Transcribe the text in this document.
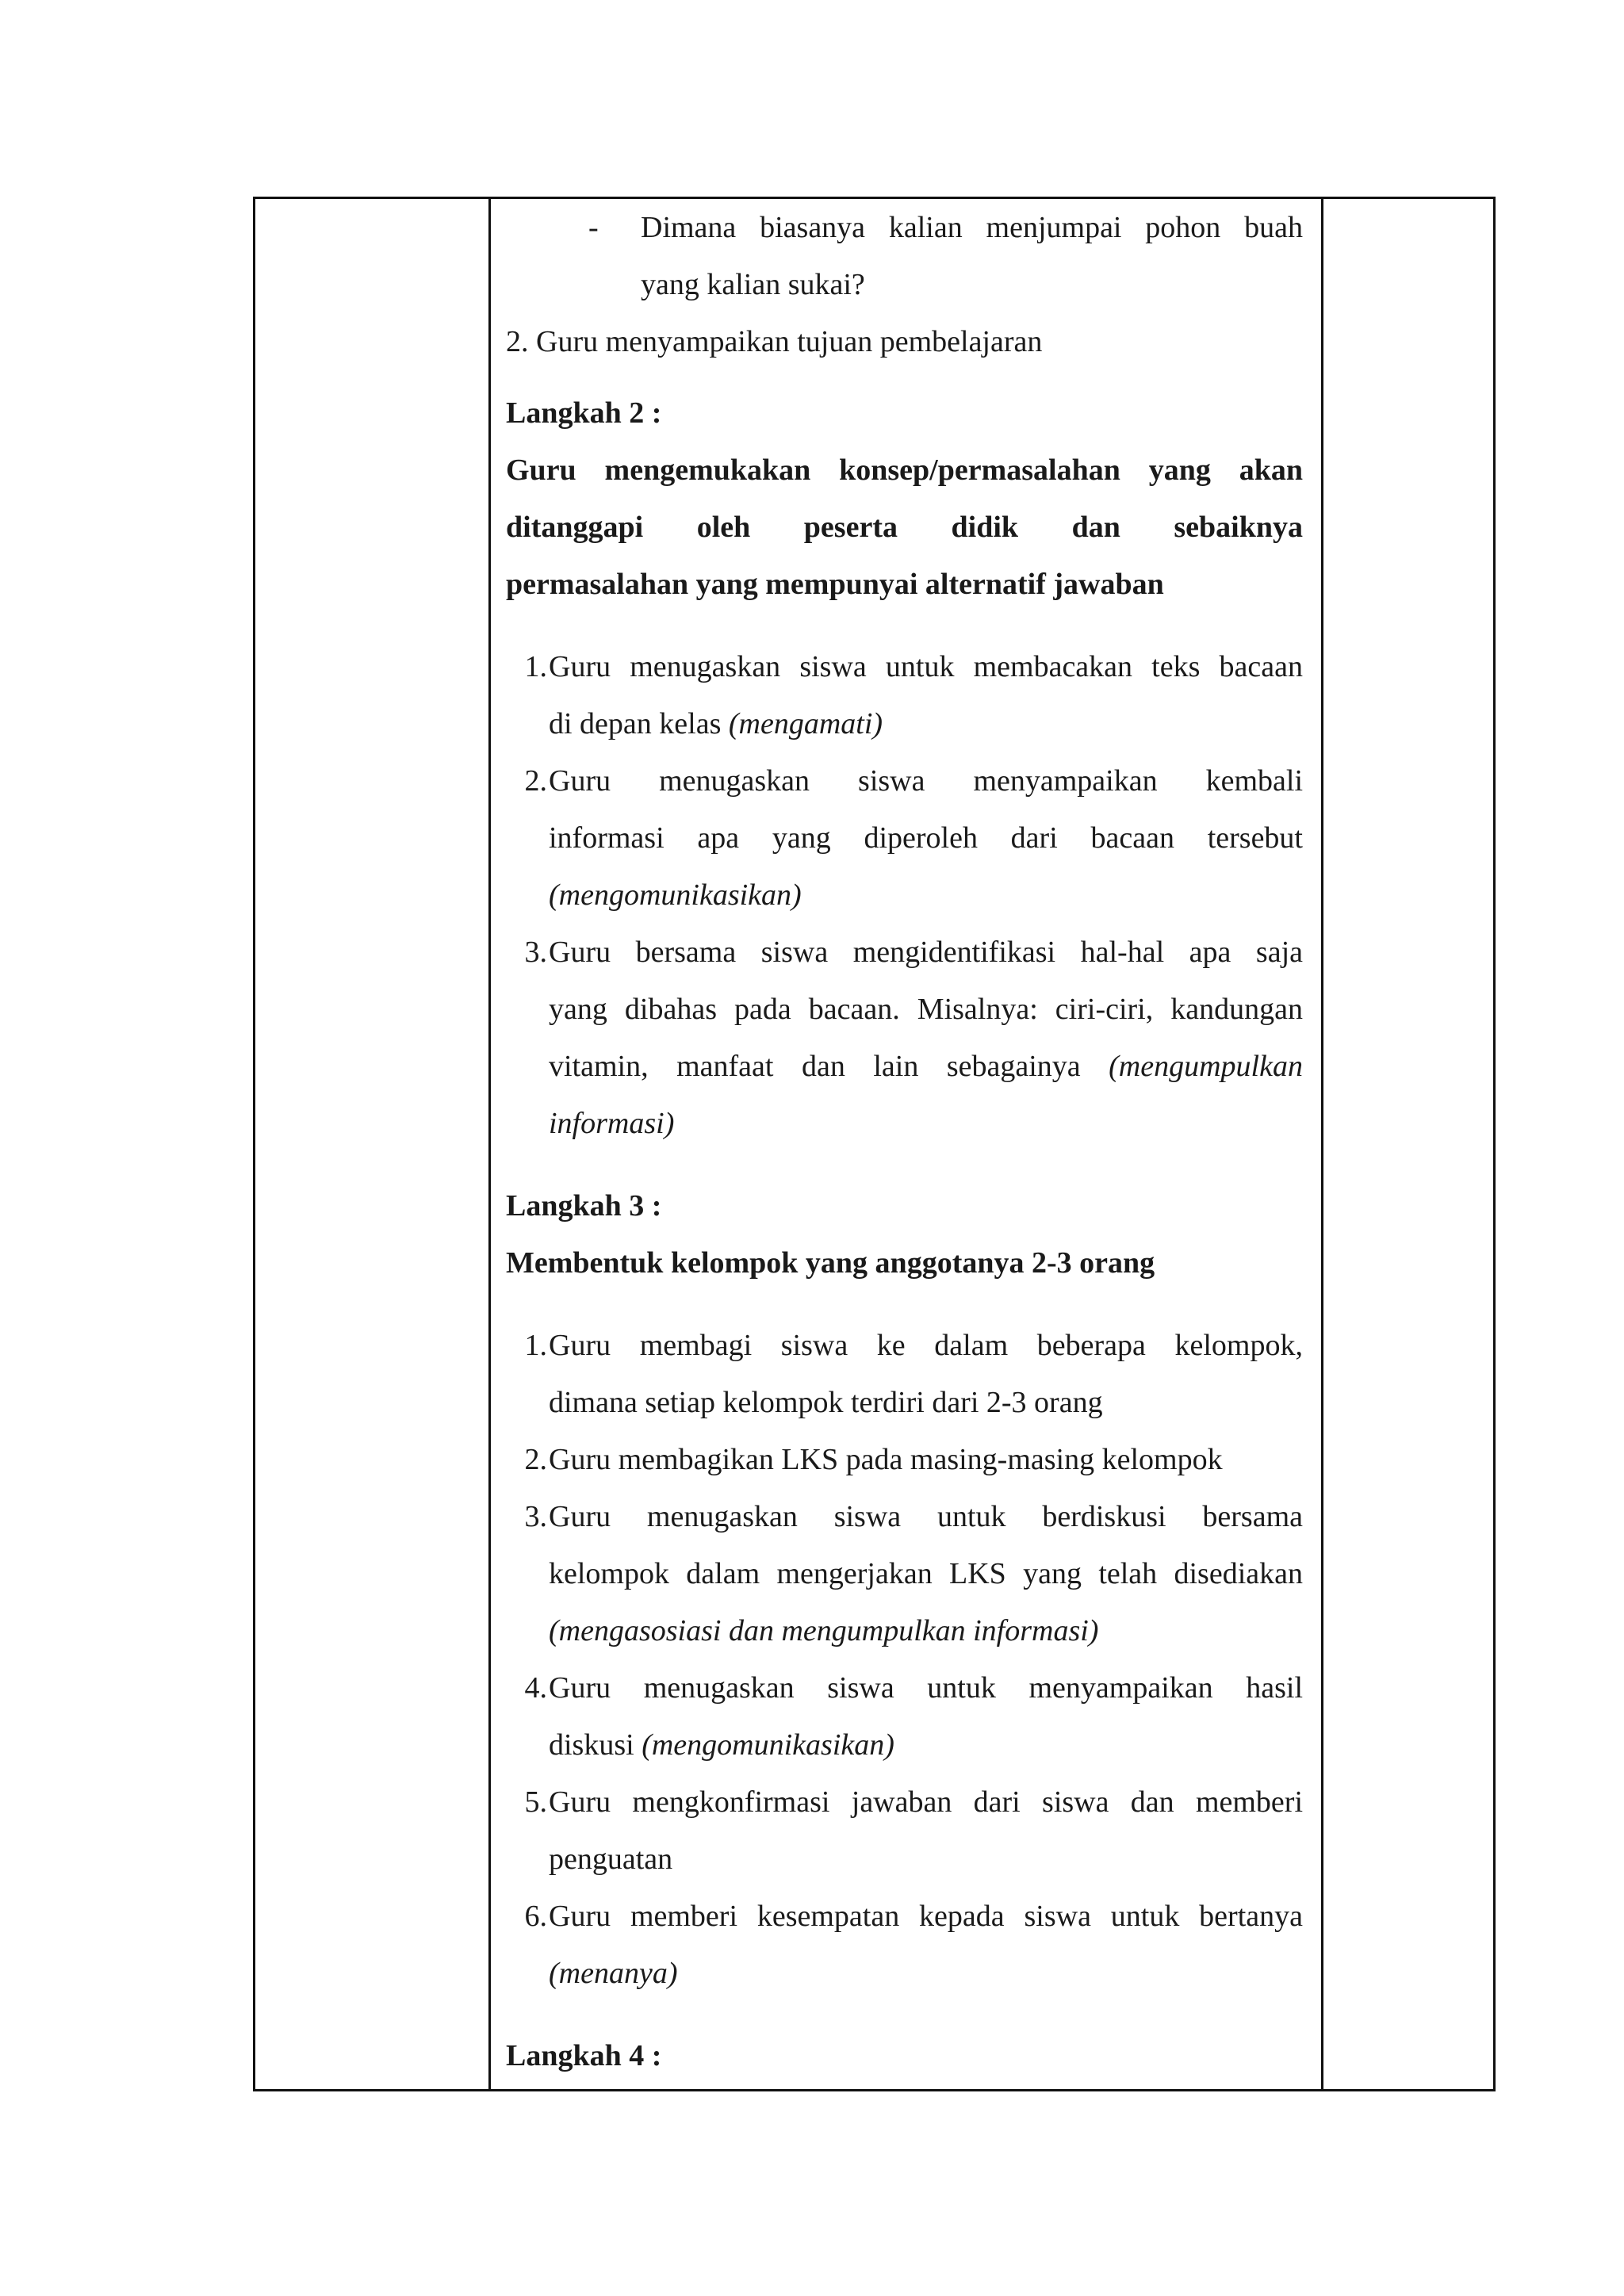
- Dimana biasanya kalian menjumpai pohon buah
yang kalian sukai?
2. Guru menyampaikan tujuan pembelajaran
Langkah 2 :
Guru mengemukakan konsep/permasalahan yang akan
ditanggapi oleh peserta didik dan sebaiknya
permasalahan yang mempunyai alternatif jawaban
1. Guru menugaskan siswa untuk membacakan teks bacaan
di depan kelas (mengamati)
2. Guru menugaskan siswa menyampaikan kembali
informasi apa yang diperoleh dari bacaan tersebut
(mengomunikasikan)
3. Guru bersama siswa mengidentifikasi hal-hal apa saja
yang dibahas pada bacaan. Misalnya: ciri-ciri, kandungan
vitamin, manfaat dan lain sebagainya (mengumpulkan
informasi)
Langkah 3 :
Membentuk kelompok yang anggotanya 2-3 orang
1. Guru membagi siswa ke dalam beberapa kelompok,
dimana setiap kelompok terdiri dari 2-3 orang
2. Guru membagikan LKS pada masing-masing kelompok
3. Guru menugaskan siswa untuk berdiskusi bersama
kelompok dalam mengerjakan LKS yang telah disediakan
(mengasosiasi dan mengumpulkan informasi)
4. Guru menugaskan siswa untuk menyampaikan hasil
diskusi (mengomunikasikan)
5. Guru mengkonfirmasi jawaban dari siswa dan memberi
penguatan
6. Guru memberi kesempatan kepada siswa untuk bertanya
(menanya)
Langkah 4 :
